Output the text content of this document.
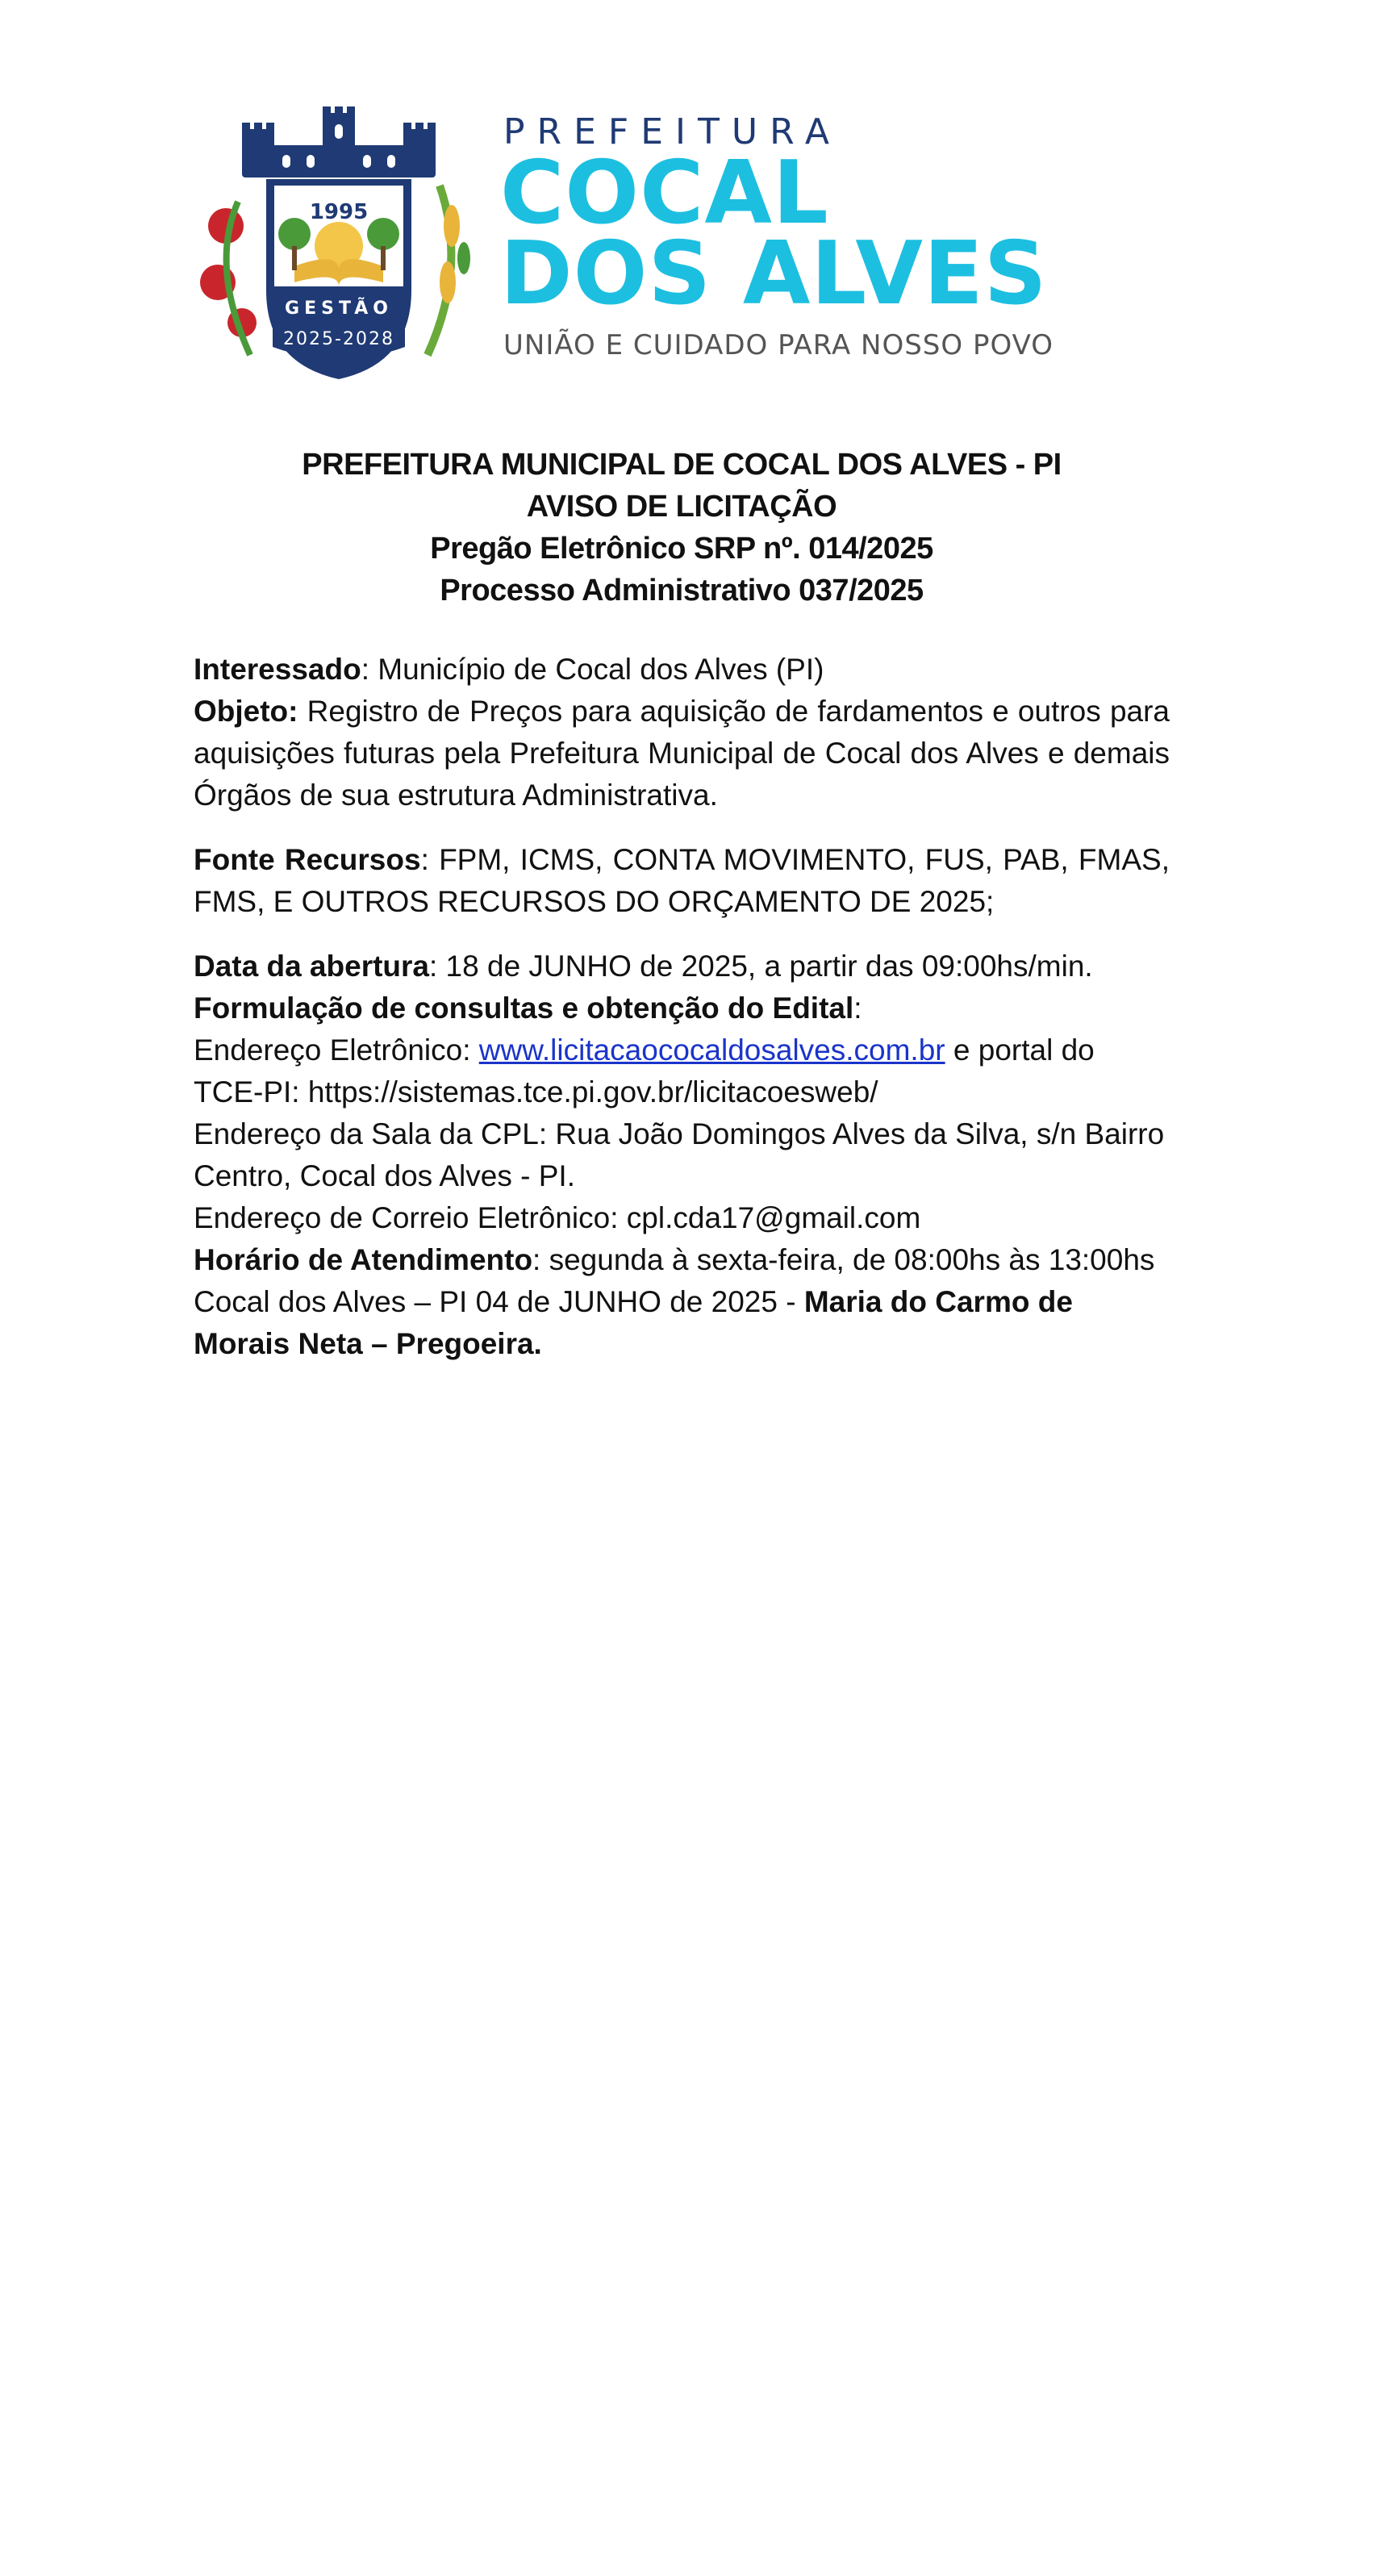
1995
GESTÃO
2025-2028
PREFEITURA
COCAL
DOS ALVES
UNIÃO E CUIDADO PARA NOSSO POVO
PREFEITURA MUNICIPAL DE COCAL DOS ALVES - PI
AVISO DE LICITAÇÃO
Pregão Eletrônico SRP nº. 014/2025
Processo Administrativo 037/2025

Interessado: Município de Cocal dos Alves (PI)

Objeto: Registro de Preços para aquisição de fardamentos e outros para aquisições futuras pela Prefeitura Municipal de Cocal dos Alves e demais Órgãos de sua estrutura Administrativa.

Fonte Recursos: FPM, ICMS, CONTA MOVIMENTO, FUS, PAB, FMAS, FMS, E OUTROS RECURSOS DO ORÇAMENTO DE 2025;

Data da abertura: 18 de JUNHO de 2025, a partir das 09:00hs/min.

Formulação de consultas e obtenção do Edital:

Endereço Eletrônico: www.licitacaococaldosalves.com.br e portal do TCE-PI: https://sistemas.tce.pi.gov.br/licitacoesweb/

Endereço da Sala da CPL: Rua João Domingos Alves da Silva, s/n Bairro Centro, Cocal dos Alves - PI.

Endereço de Correio Eletrônico: cpl.cda17@gmail.com

Horário de Atendimento: segunda à sexta-feira, de 08:00hs às 13:00hs

Cocal dos Alves – PI 04 de JUNHO de 2025 - Maria do Carmo de Morais Neta – Pregoeira.
